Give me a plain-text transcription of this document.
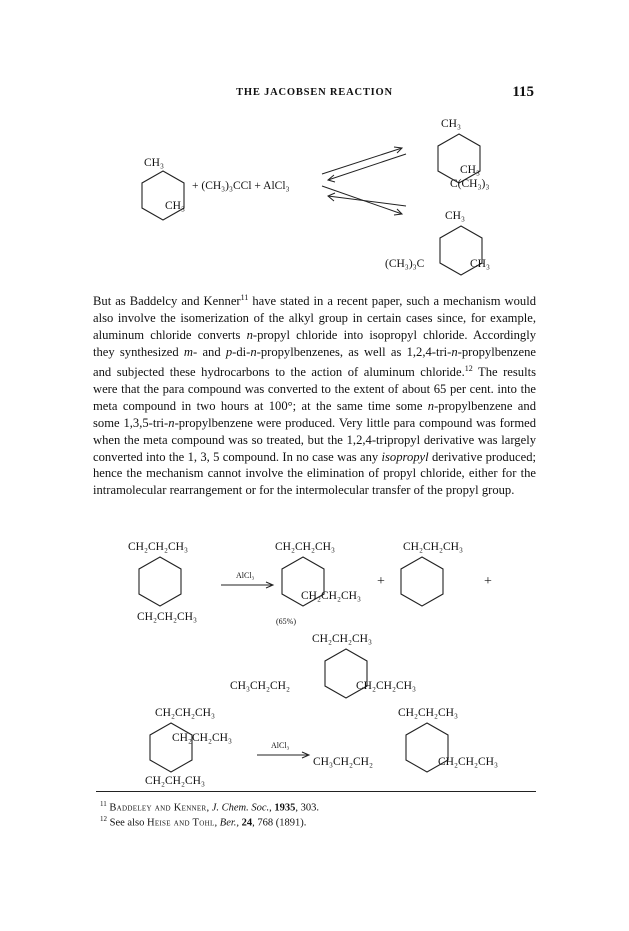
THE JACOBSEN REACTION	115
CH₃
CH₃
+ (CH₃)₃CCl + AlCl₃
CH₃
CH₃
C(CH₃)₃
CH₃
(CH₃)₃C	CH₃
But as Baddelcy and Kenner$^{11}$ have stated in a recent paper, such a mechanism would also involve the isomerization of the alkyl group in certain cases since, for example, aluminum chloride converts n-propyl chloride into isopropyl chloride. Accordingly they synthesized m- and p-di-n-propylbenzenes, as well as 1,2,4-tri-n-propylbenzene and subjected these hydrocarbons to the action of aluminum chloride.$^{12}$ The results were that the para compound was converted to the extent of about 65 per cent. into the meta compound in two hours at 100°; at the same time some n-propylbenzene and some 1,3,5-tri-n-propylbenzene were produced. Very little para compound was formed when the meta compound was so treated, but the 1,2,4-tripropyl derivative was largely converted into the 1, 3, 5 compound. In no case was any isopropyl derivative produced; hence the mechanism cannot involve the elimination of propyl chloride, either for the intramolecular rearrangement or for the intermolecular transfer of the propyl group.
CH₂CH₂CH₃
CH₂CH₂CH₃
AlCl₃
CH₂CH₂CH₃
CH₂CH₂CH₃
(65%)
+
CH₂CH₂CH₃
+
CH₂CH₂CH₃
CH₃CH₂CH₂	CH₂CH₂CH₃
CH₂CH₂CH₃
CH₂CH₂CH₃
CH₂CH₂CH₃
AlCl₃
CH₂CH₂CH₃
CH₃CH₂CH₂	CH₂CH₂CH₃
$^{11}$ Baddeley and Kenner, J. Chem. Soc., 1935, 303.
$^{12}$ See also Heise and Tohl, Ber., 24, 768 (1891).
